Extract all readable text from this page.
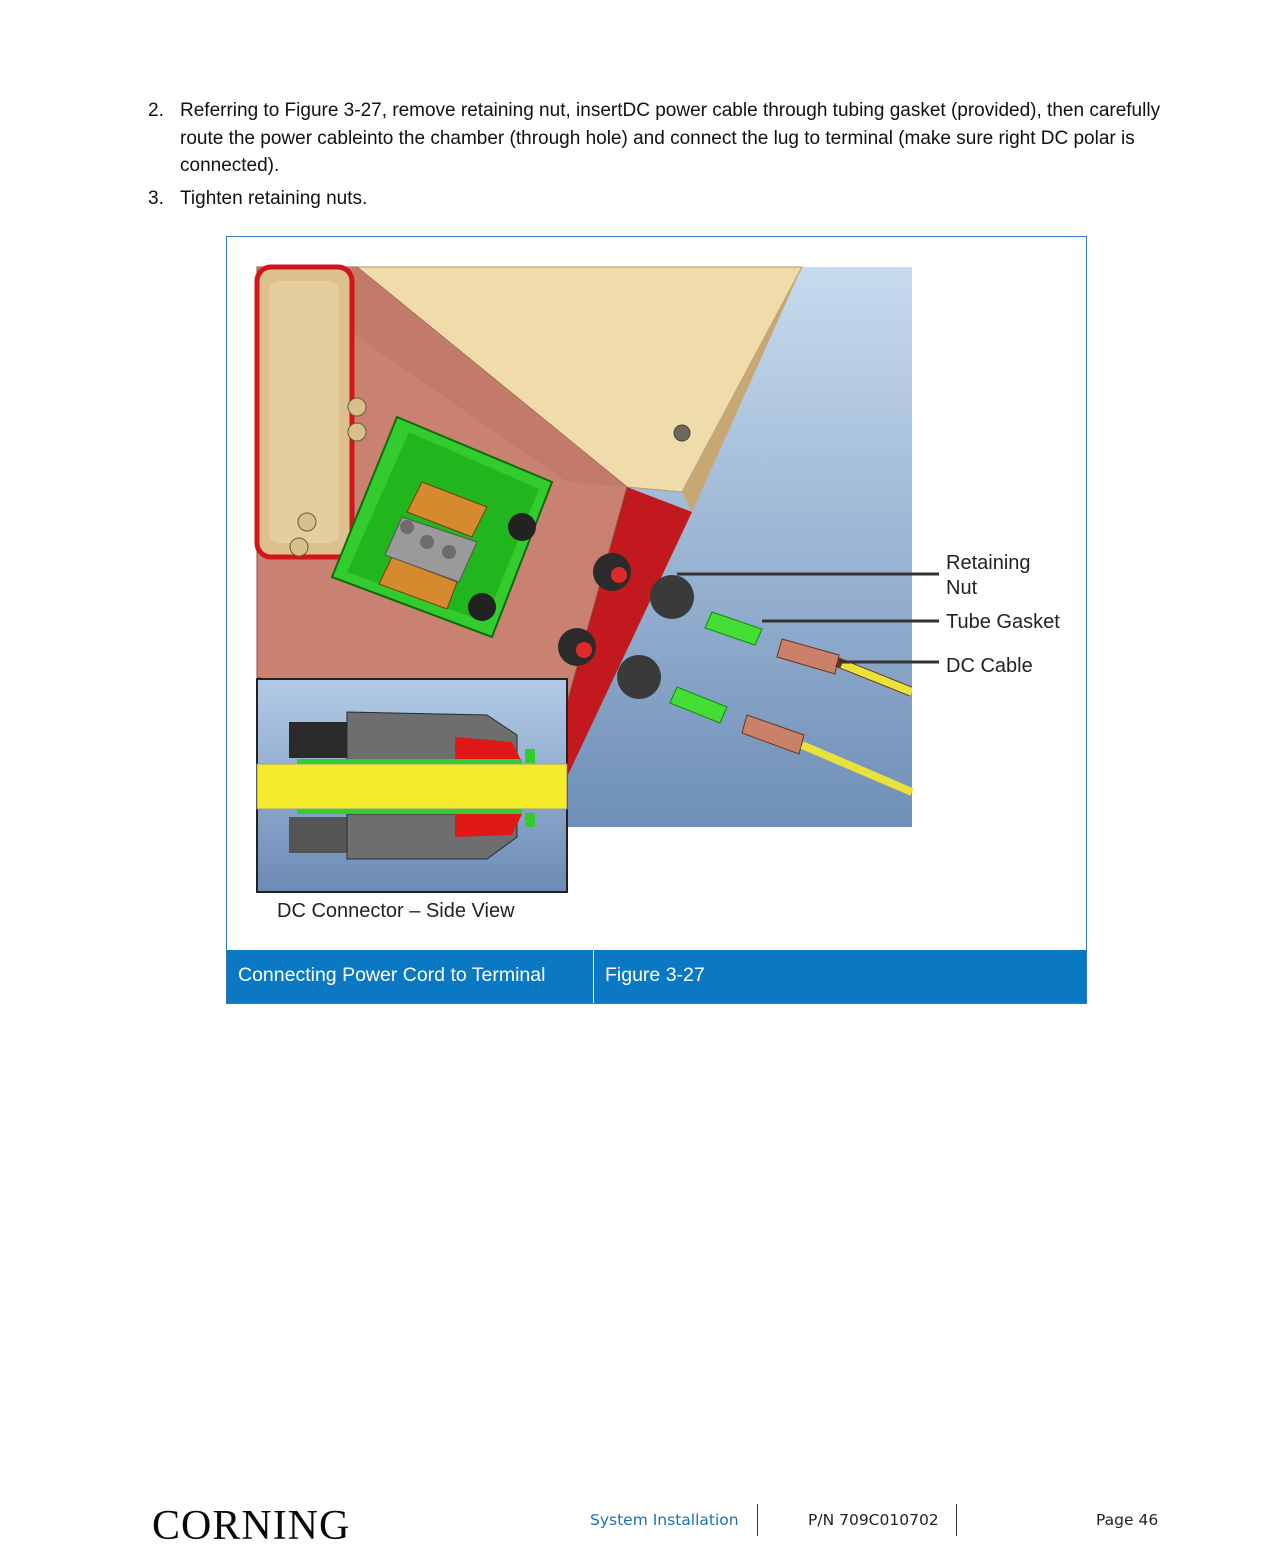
2. Referring to Figure 3-27, remove retaining nut, insertDC power cable through tubing gasket (provided), then carefully route the power cableinto the chamber (through hole) and connect the lug to terminal (make sure right DC polar is connected).
3. Tighten retaining nuts.
Retaining
Nut
Tube Gasket
DC Cable
DC Connector – Side View
Connecting Power Cord to Terminal	Figure 3-27
CORNING	System Installation	P/N 709C010702	Page 46
